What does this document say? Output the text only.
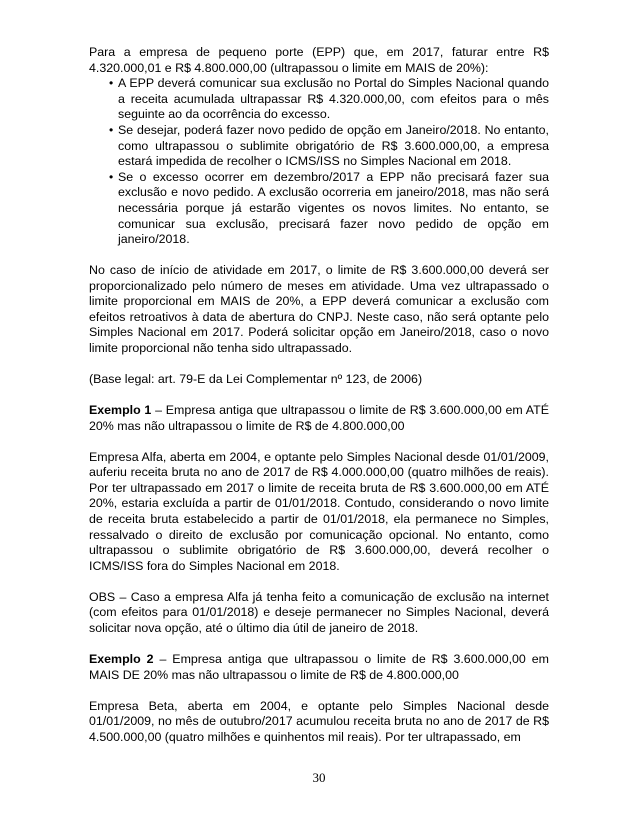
Para a empresa de pequeno porte (EPP) que, em 2017, faturar entre R$ 4.320.000,01 e R$ 4.800.000,00 (ultrapassou o limite em MAIS de 20%):

• A EPP deverá comunicar sua exclusão no Portal do Simples Nacional quando a receita acumulada ultrapassar R$ 4.320.000,00, com efeitos para o mês seguinte ao da ocorrência do excesso.
• Se desejar, poderá fazer novo pedido de opção em Janeiro/2018. No entanto, como ultrapassou o sublimite obrigatório de R$ 3.600.000,00, a empresa estará impedida de recolher o ICMS/ISS no Simples Nacional em 2018.
• Se o excesso ocorrer em dezembro/2017 a EPP não precisará fazer sua exclusão e novo pedido. A exclusão ocorreria em janeiro/2018, mas não será necessária porque já estarão vigentes os novos limites. No entanto, se comunicar sua exclusão, precisará fazer novo pedido de opção em janeiro/2018.

No caso de início de atividade em 2017, o limite de R$ 3.600.000,00 deverá ser proporcionalizado pelo número de meses em atividade. Uma vez ultrapassado o limite proporcional em MAIS de 20%, a EPP deverá comunicar a exclusão com efeitos retroativos à data de abertura do CNPJ. Neste caso, não será optante pelo Simples Nacional em 2017. Poderá solicitar opção em Janeiro/2018, caso o novo limite proporcional não tenha sido ultrapassado.

(Base legal: art. 79-E da Lei Complementar nº 123, de 2006)

Exemplo 1 – Empresa antiga que ultrapassou o limite de R$ 3.600.000,00 em ATÉ 20% mas não ultrapassou o limite de R$ de 4.800.000,00

Empresa Alfa, aberta em 2004, e optante pelo Simples Nacional desde 01/01/2009, auferiu receita bruta no ano de 2017 de R$ 4.000.000,00 (quatro milhões de reais). Por ter ultrapassado em 2017 o limite de receita bruta de R$ 3.600.000,00 em ATÉ 20%, estaria excluída a partir de 01/01/2018. Contudo, considerando o novo limite de receita bruta estabelecido a partir de 01/01/2018, ela permanece no Simples, ressalvado o direito de exclusão por comunicação opcional. No entanto, como ultrapassou o sublimite obrigatório de R$ 3.600.000,00, deverá recolher o ICMS/ISS fora do Simples Nacional em 2018.

OBS – Caso a empresa Alfa já tenha feito a comunicação de exclusão na internet (com efeitos para 01/01/2018) e deseje permanecer no Simples Nacional, deverá solicitar nova opção, até o último dia útil de janeiro de 2018.

Exemplo 2 – Empresa antiga que ultrapassou o limite de R$ 3.600.000,00 em MAIS DE 20% mas não ultrapassou o limite de R$ de 4.800.000,00

Empresa Beta, aberta em 2004, e optante pelo Simples Nacional desde 01/01/2009, no mês de outubro/2017 acumulou receita bruta no ano de 2017 de R$ 4.500.000,00 (quatro milhões e quinhentos mil reais). Por ter ultrapassado, em

30
